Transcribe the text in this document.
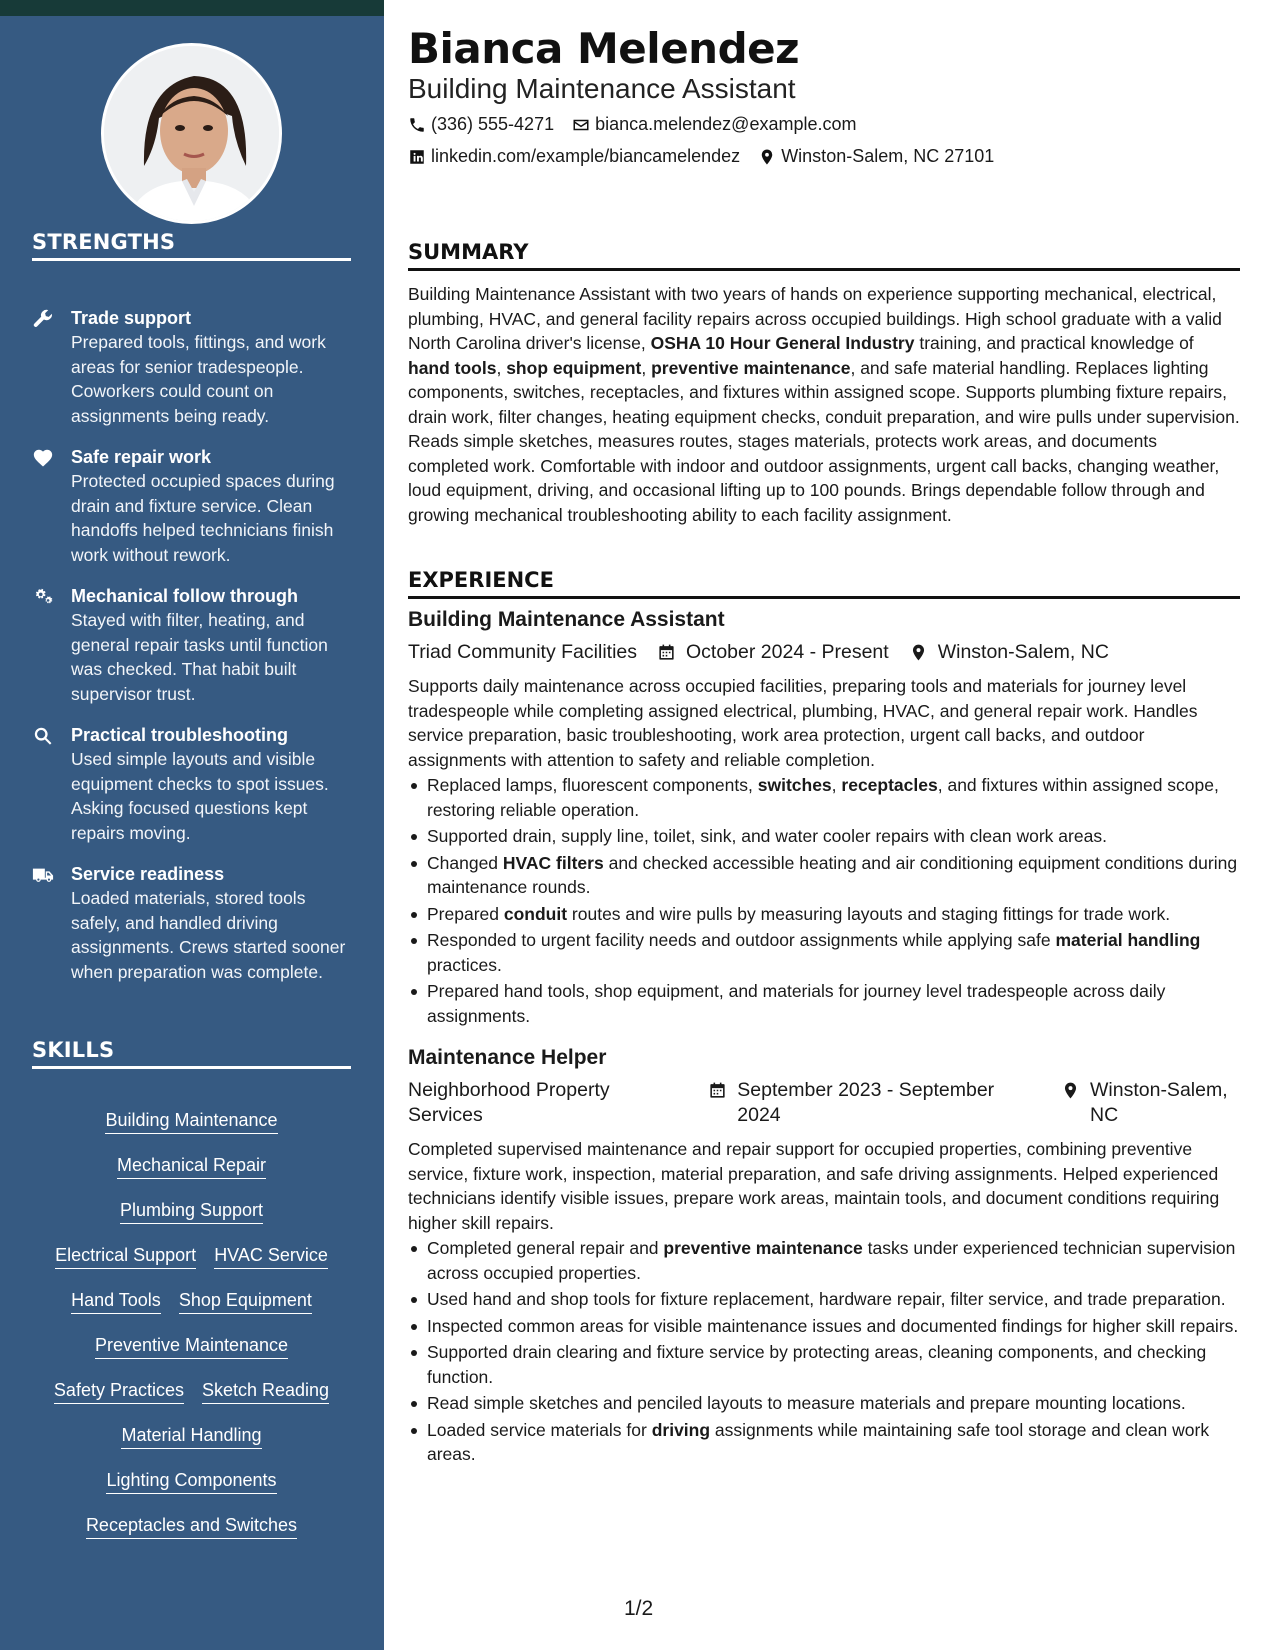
STRENGTHS
Trade support
Prepared tools, fittings, and work areas for senior tradespeople. Coworkers could count on assignments being ready.
Safe repair work
Protected occupied spaces during drain and fixture service. Clean handoffs helped technicians finish work without rework.
Mechanical follow through
Stayed with filter, heating, and general repair tasks until function was checked. That habit built supervisor trust.
Practical troubleshooting
Used simple layouts and visible equipment checks to spot issues. Asking focused questions kept repairs moving.
Service readiness
Loaded materials, stored tools safely, and handled driving assignments. Crews started sooner when preparation was complete.
SKILLS
Building Maintenance
Mechanical Repair
Plumbing Support
Electrical Support HVAC Service
Hand Tools Shop Equipment
Preventive Maintenance
Safety Practices Sketch Reading
Material Handling
Lighting Components
Receptacles and Switches
Bianca Melendez
Building Maintenance Assistant
(336) 555-4271 bianca.melendez@example.com
linkedin.com/example/biancamelendez Winston-Salem, NC 27101
SUMMARY

Building Maintenance Assistant with two years of hands on experience supporting mechanical, electrical, plumbing, HVAC, and general facility repairs across occupied buildings. High school graduate with a valid North Carolina driver's license, OSHA 10 Hour General Industry training, and practical knowledge of hand tools, shop equipment, preventive maintenance, and safe material handling. Replaces lighting components, switches, receptacles, and fixtures within assigned scope. Supports plumbing fixture repairs, drain work, filter changes, heating equipment checks, conduit preparation, and wire pulls under supervision. Reads simple sketches, measures routes, stages materials, protects work areas, and documents completed work. Comfortable with indoor and outdoor assignments, urgent call backs, changing weather, loud equipment, driving, and occasional lifting up to 100 pounds. Brings dependable follow through and growing mechanical troubleshooting ability to each facility assignment.

EXPERIENCE
Building Maintenance Assistant
Triad Community Facilities	October 2024 - Present	Winston-Salem, NC

Supports daily maintenance across occupied facilities, preparing tools and materials for journey level tradespeople while completing assigned electrical, plumbing, HVAC, and general repair work. Handles service preparation, basic troubleshooting, work area protection, urgent call backs, and outdoor assignments with attention to safety and reliable completion.

Replaced lamps, fluorescent components, switches, receptacles, and fixtures within assigned scope, restoring reliable operation.
Supported drain, supply line, toilet, sink, and water cooler repairs with clean work areas.
Changed HVAC filters and checked accessible heating and air conditioning equipment conditions during maintenance rounds.
Prepared conduit routes and wire pulls by measuring layouts and staging fittings for trade work.
Responded to urgent facility needs and outdoor assignments while applying safe material handling practices.
Prepared hand tools, shop equipment, and materials for journey level tradespeople across daily assignments.
Maintenance Helper
Neighborhood Property Services
September 2023 - September 2024
Winston-Salem, NC

Completed supervised maintenance and repair support for occupied properties, combining preventive service, fixture work, inspection, material preparation, and safe driving assignments. Helped experienced technicians identify visible issues, prepare work areas, maintain tools, and document conditions requiring higher skill repairs.

Completed general repair and preventive maintenance tasks under experienced technician supervision across occupied properties.
Used hand and shop tools for fixture replacement, hardware repair, filter service, and trade preparation.
Inspected common areas for visible maintenance issues and documented findings for higher skill repairs.
Supported drain clearing and fixture service by protecting areas, cleaning components, and checking function.
Read simple sketches and penciled layouts to measure materials and prepare mounting locations.
Loaded service materials for driving assignments while maintaining safe tool storage and clean work areas.
1/2
